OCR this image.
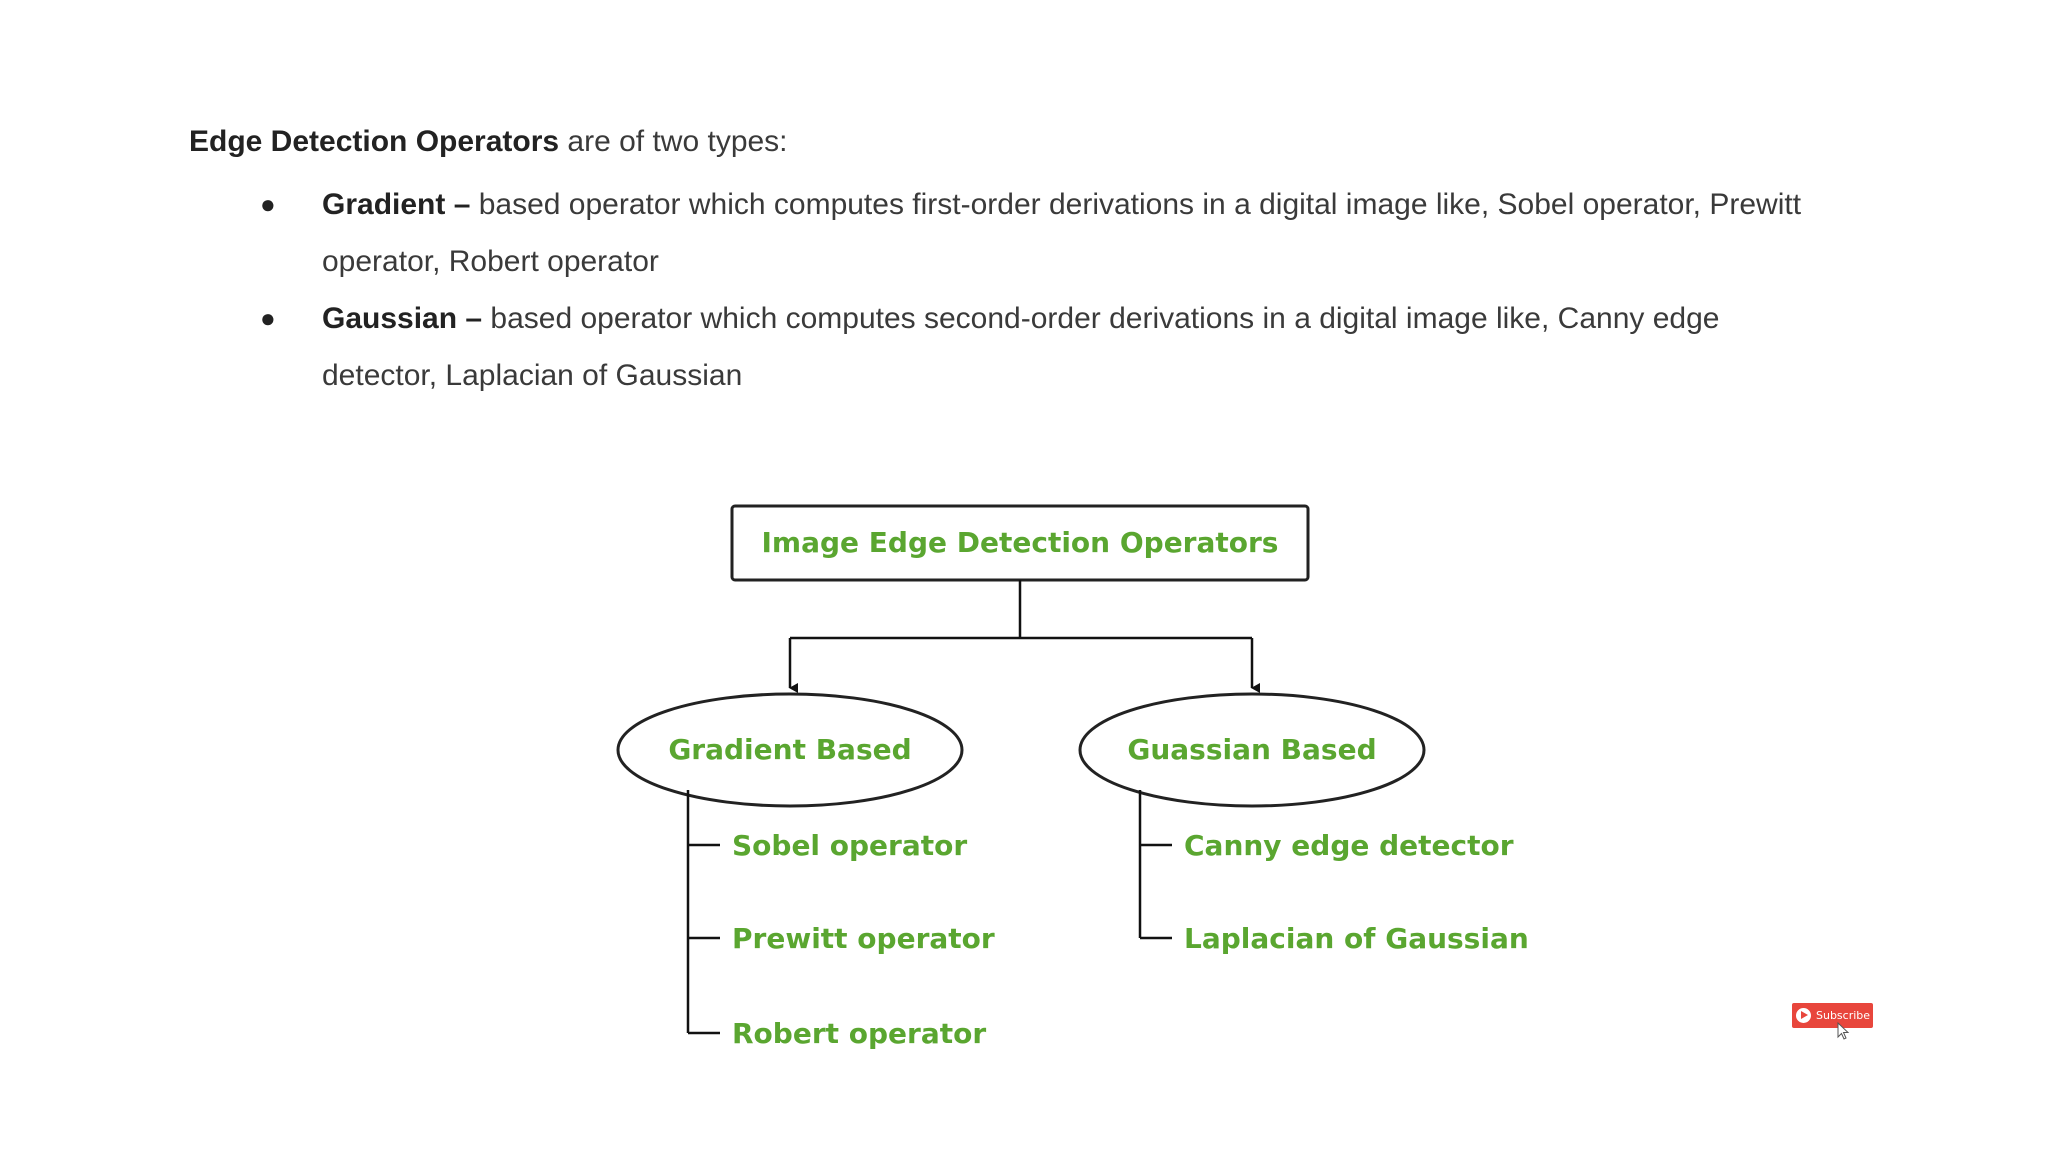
Edge Detection Operators are of two types:
● Gradient – based operator which computes first-order derivations in a digital image like, Sobel operator, Prewitt operator, Robert operator
● Gaussian – based operator which computes second-order derivations in a digital image like, Canny edge detector, Laplacian of Gaussian
Image Edge Detection Operators
Gradient Based	Guassian Based
Sobel operator
Prewitt operator
Robert operator
Canny edge detector
Laplacian of Gaussian
Subscribe
